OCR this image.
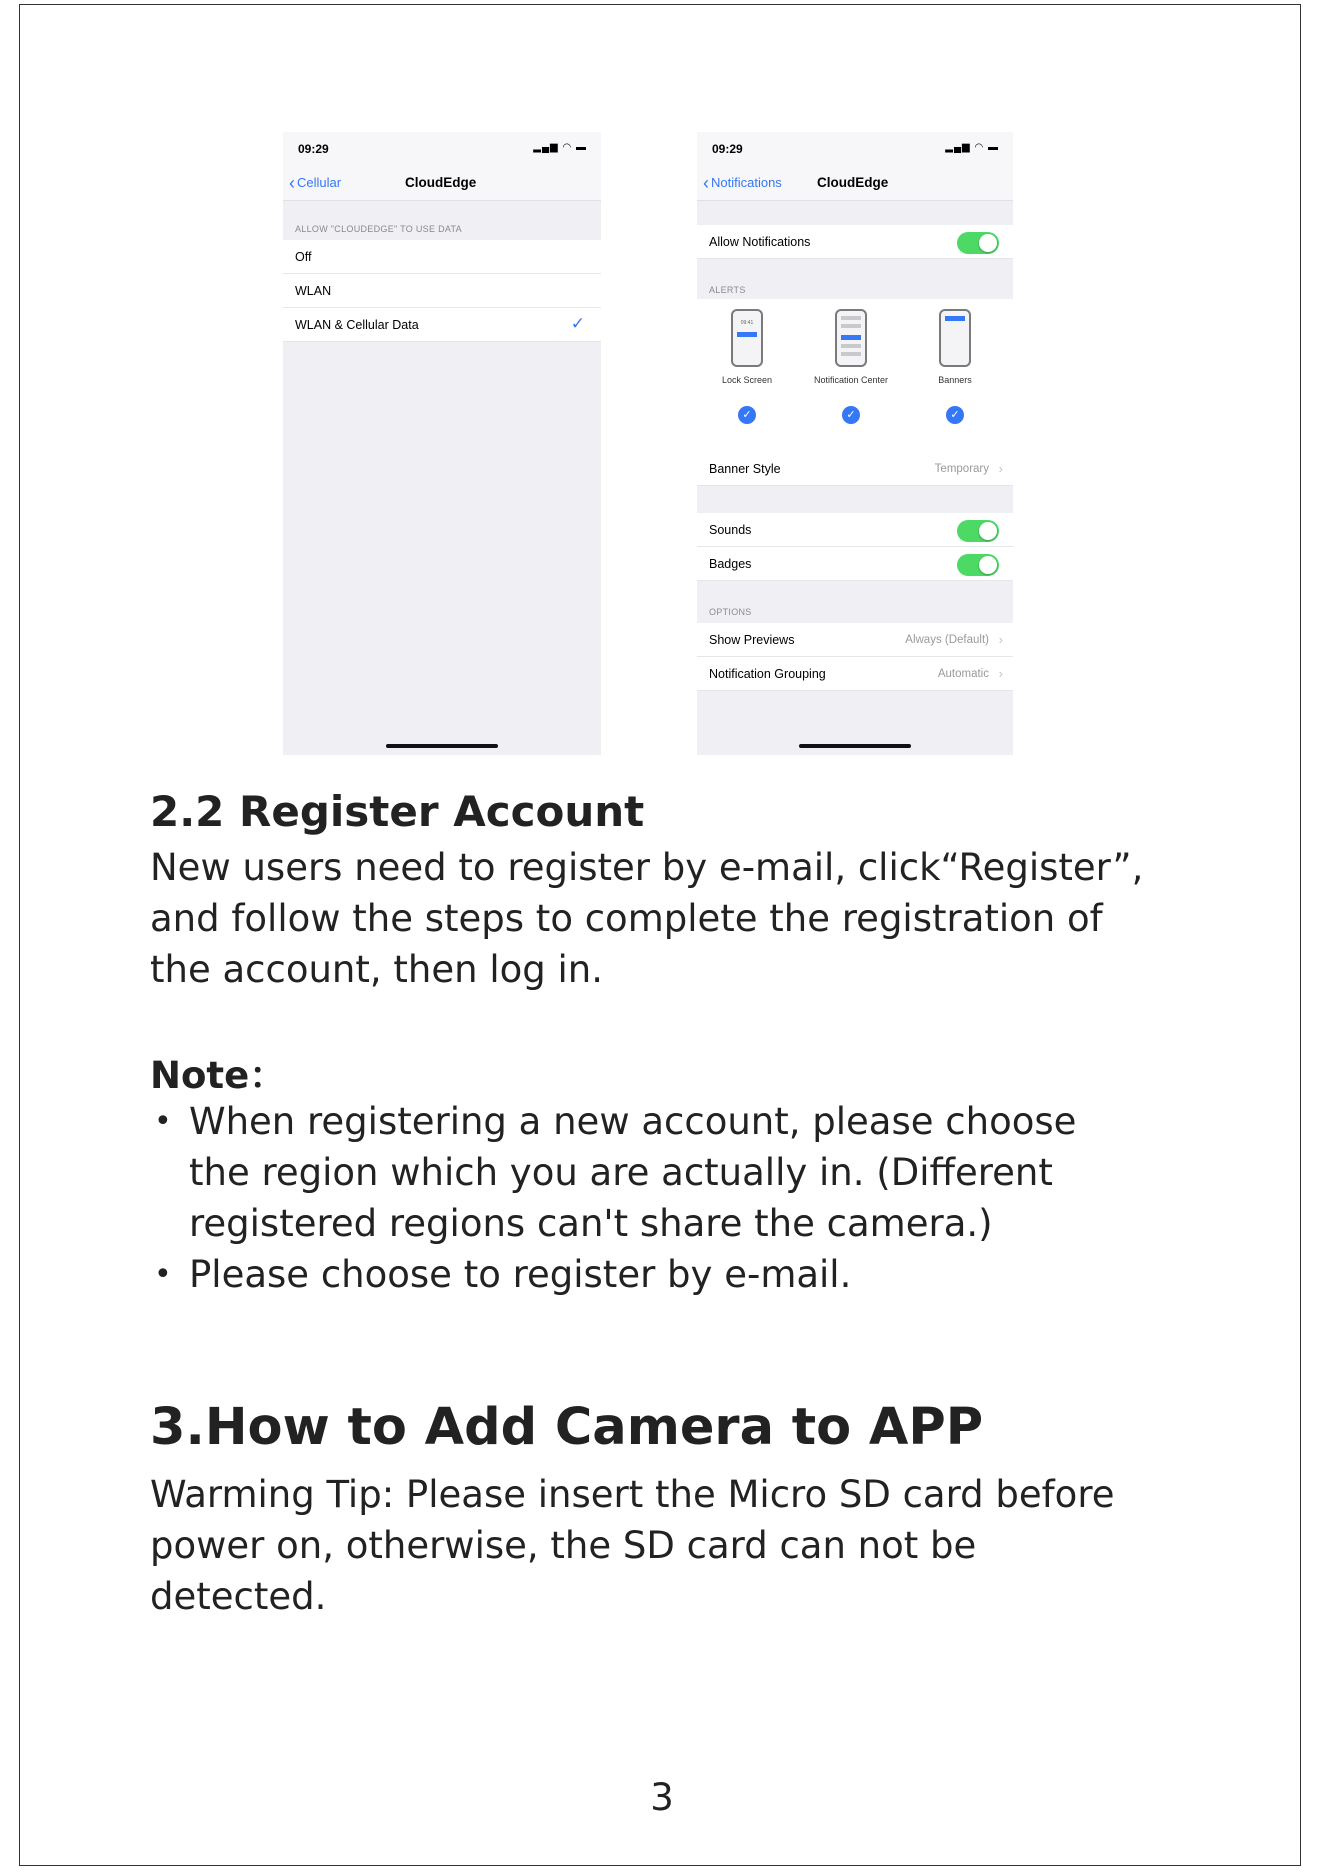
09:29	▂▄▆ ◠ ▬
‹ Cellular	CloudEdge
ALLOW "CLOUDEDGE" TO USE DATA
Off
WLAN
WLAN & Cellular Data	✓
09:29	▂▄▆ ◠ ▬
‹ Notifications	CloudEdge
Allow Notifications
ALERTS
09:41
Lock Screen
✓
Notification Center
✓
Banners
✓
Banner Style	Temporary ›
Sounds
Badges
OPTIONS
Show Previews	Always (Default) ›
Notification Grouping	Automatic ›
2.2 Register Account
New users need to register by e-mail, click“Register”,
and follow the steps to complete the registration of
the account, then log in.
Note：
• When registering a new account, please choose
the region which you are actually in. (Different
registered regions can't share the camera.)
• Please choose to register by e-mail.
3.How to Add Camera to APP
Warming Tip: Please insert the Micro SD card before
power on, otherwise, the SD card can not be
detected.
3
